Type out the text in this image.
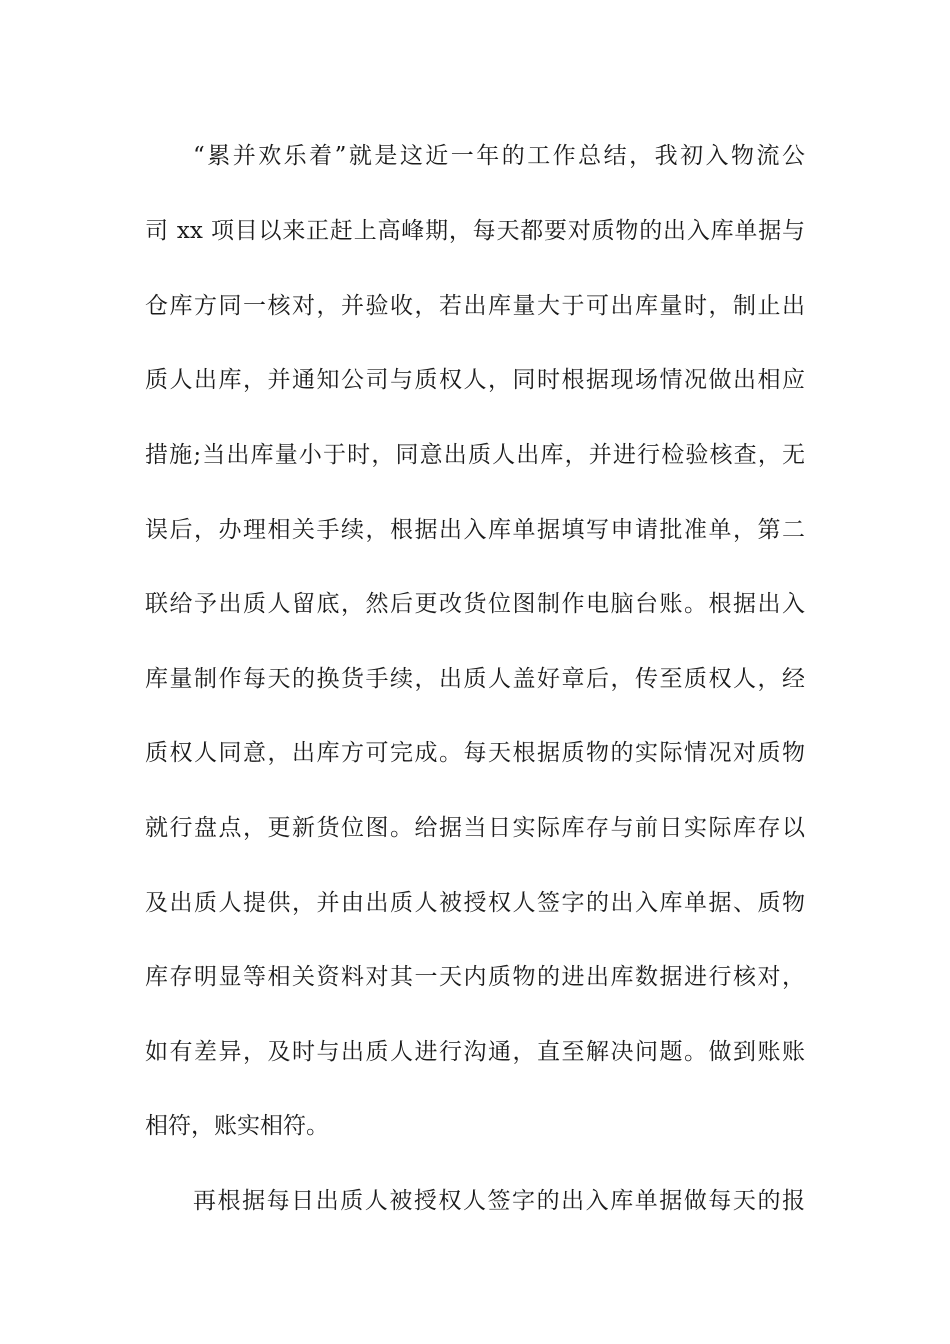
“累并欢乐着”就是这近一年的工作总结，我初入物流公
司 xx 项目以来正赶上高峰期，每天都要对质物的出入库单据与
仓库方同一核对，并验收，若出库量大于可出库量时，制止出
质人出库，并通知公司与质权人，同时根据现场情况做出相应
措施;当出库量小于时，同意出质人出库，并进行检验核查，无
误后，办理相关手续，根据出入库单据填写申请批准单，第二
联给予出质人留底，然后更改货位图制作电脑台账。根据出入
库量制作每天的换货手续，出质人盖好章后，传至质权人，经
质权人同意，出库方可完成。每天根据质物的实际情况对质物
就行盘点，更新货位图。给据当日实际库存与前日实际库存以
及出质人提供，并由出质人被授权人签字的出入库单据、质物
库存明显等相关资料对其一天内质物的进出库数据进行核对，
如有差异，及时与出质人进行沟通，直至解决问题。做到账账
相符，账实相符。
再根据每日出质人被授权人签字的出入库单据做每天的报
